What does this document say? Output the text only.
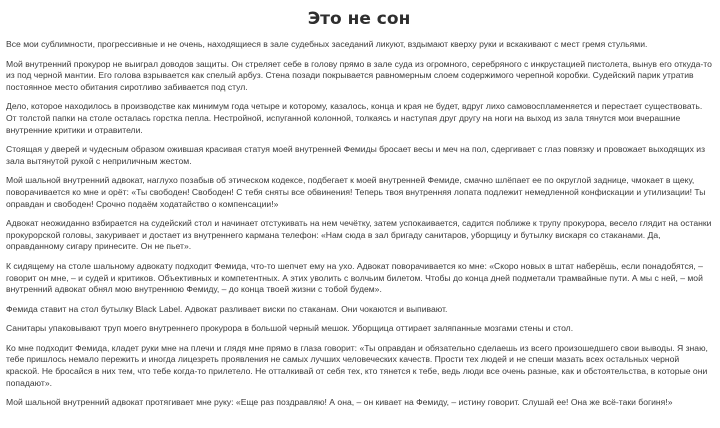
Это не сон

Все мои сублимности, прогрессивные и не очень, находящиеся в зале судебных заседаний ликуют, вздымают кверху руки и вскакивают с мест гремя стульями.

Мой внутренний прокурор не выиграл доводов защиты. Он стреляет себе в голову прямо в зале суда из огромного, серебряного с инкрустацией пистолета, вынув его откуда-то из под черной мантии. Его голова взрывается как спелый арбуз. Стена позади покрывается равномерным слоем содержимого черепной коробки. Судейский парик утратив постоянное место обитания сиротливо забивается под стул.

Дело, которое находилось в производстве как минимум года четыре и которому, казалось, конца и края не будет, вдруг лихо самовоспламеняется и перестает существовать. От толстой папки на столе осталась горстка пепла. Нестройной, испуганной колонной, толкаясь и наступая друг другу на ноги на выход из зала тянутся мои вчерашние внутренние критики и отравители.

Стоящая у дверей и чудесным образом ожившая красивая статуя моей внутренней Фемиды бросает весы и меч на пол, сдергивает с глаз повязку и провожает выходящих из зала вытянутой рукой с неприличным жестом.

Мой шальной внутренний адвокат, наглухо позабыв об этическом кодексе, подбегает к моей внутренней Фемиде, смачно шлёпает ее по округлой заднице, чмокает в щеку, поворачивается ко мне и орёт: «Ты свободен! Свободен! С тебя сняты все обвинения! Теперь твоя внутренняя лопата подлежит немедленной конфискации и утилизации! Ты оправдан и свободен! Срочно подаём ходатайство о компенсации!»

Адвокат неожиданно взбирается на судейский стол и начинает отстукивать на нем чечётку, затем успокаивается, садится поближе к трупу прокурора, весело глядит на останки прокурорской головы, закуривает и достает из внутреннего кармана телефон: «Нам сюда в зал бригаду санитаров, уборщицу и бутылку вискаря со стаканами. Да, оправданному сигару принесите. Он не пьет».

К сидящему на столе шальному адвокату подходит Фемида, что-то шепчет ему на ухо. Адвокат поворачивается ко мне: «Скоро новых в штат наберёшь, если понадобятся, – говорит он мне, – и судей и критиков. Объективных и компетентных. А этих уволить с волчьим билетом. Чтобы до конца дней подметали трамвайные пути. А мы с ней, – мой внутренний адвокат обнял мою внутреннюю Фемиду, – до конца твоей жизни с тобой будем».

Фемида ставит на стол бутылку Black Label. Адвокат разливает виски по стаканам. Они чокаются и выпивают.

Санитары упаковывают труп моего внутреннего прокурора в большой черный мешок. Уборщица оттирает заляпанные мозгами стены и стол.

Ко мне подходит Фемида, кладет руки мне на плечи и глядя мне прямо в глаза говорит: «Ты оправдан и обязательно сделаешь из всего произошедшего свои выводы. Я знаю, тебе пришлось немало пережить и иногда лицезреть проявления не самых лучших человеческих качеств. Прости тех людей и не спеши мазать всех остальных черной краской. Не бросайся в них тем, что тебе когда-то прилетело. Не отталкивай от себя тех, кто тянется к тебе, ведь люди все очень разные, как и обстоятельства, в которые они попадают».

Мой шальной внутренний адвокат протягивает мне руку: «Еще раз поздравляю! А она, – он кивает на Фемиду, – истину говорит. Слушай ее! Она же всё-таки богиня!»
